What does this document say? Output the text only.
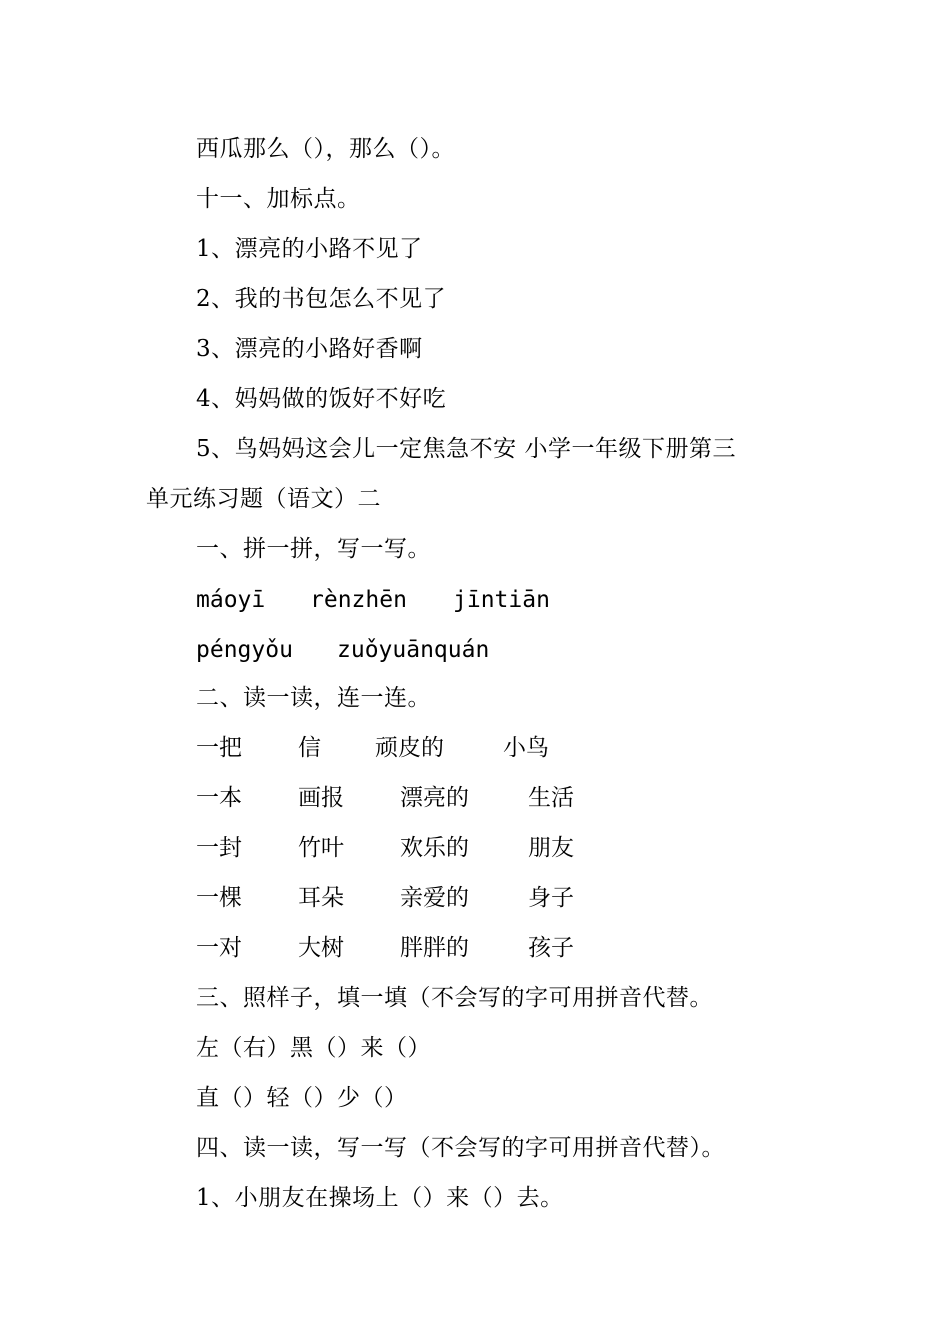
西瓜那么（），那么（）。
十一、加标点。
1、漂亮的小路不见了
2、我的书包怎么不见了
3、漂亮的小路好香啊
4、妈妈做的饭好不好吃
5、鸟妈妈这会儿一定焦急不安 小学一年级下册第三
单元练习题（语文）二
一、拼一拼，写一写。
máoyī rènzhēn jīntiān
péngyǒu zuǒyuānquán
二、读一读，连一连。
一把 信 顽皮的	小鸟
一本 画报 漂亮的	生活
一封 竹叶 欢乐的	朋友
一棵 耳朵 亲爱的	身子
一对 大树 胖胖的	孩子
三、照样子，填一填（不会写的字可用拼音代替。
左（右）黑（）来（）
直（）轻（）少（）
四、读一读，写一写（不会写的字可用拼音代替）。
1、小朋友在操场上（）来（）去。
